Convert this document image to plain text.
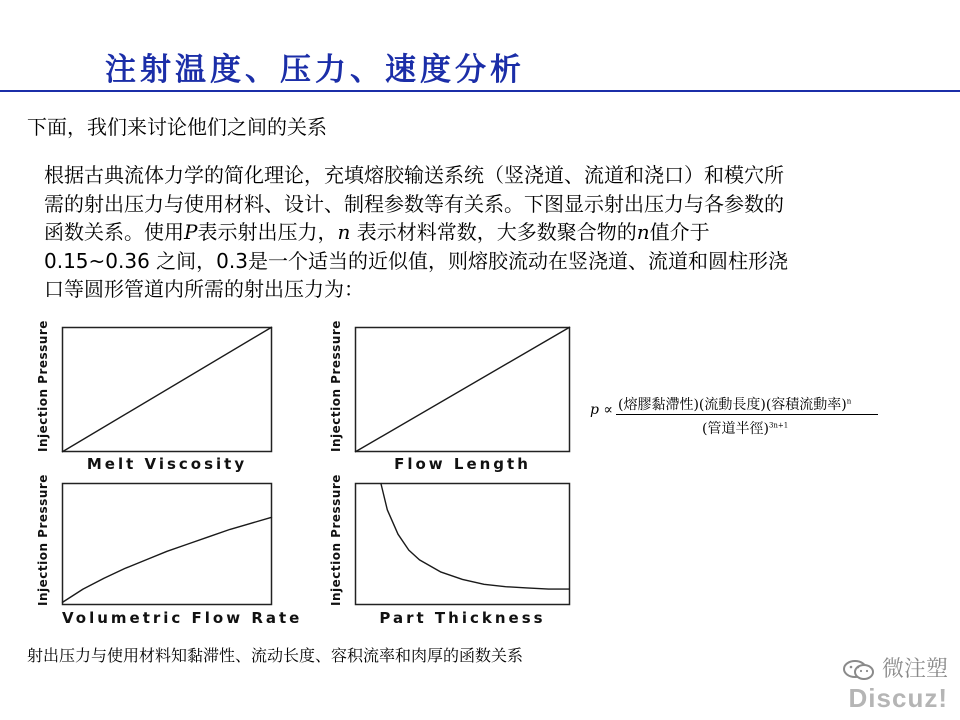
注射温度、压力、速度分析
下面，我们来讨论他们之间的关系
根据古典流体力学的简化理论，充填熔胶输送系统（竖浇道、流道和浇口）和模穴所
需的射出压力与使用材料、设计、制程参数等有关系。下图显示射出压力与各参数的
函数关系。使用P表示射出压力，n 表示材料常数，大多数聚合物的n值介于
0.15~0.36 之间，0.3是一个适当的近似值，则熔胶流动在竖浇道、流道和圆柱形浇
口等圆形管道内所需的射出压力为：
Injection Pressure
Melt Viscosity
Injection Pressure
Flow Length
Injection Pressure
Volumetric Flow Rate
Injection Pressure
Part Thickness
p ∝ (熔膠黏滯性)(流動長度)(容積流動率)$^n$
(管道半徑)$^{3n+1}$
射出压力与使用材料知黏滞性、流动长度、容积流率和肉厚的函数关系
微注塑
Discuz!
